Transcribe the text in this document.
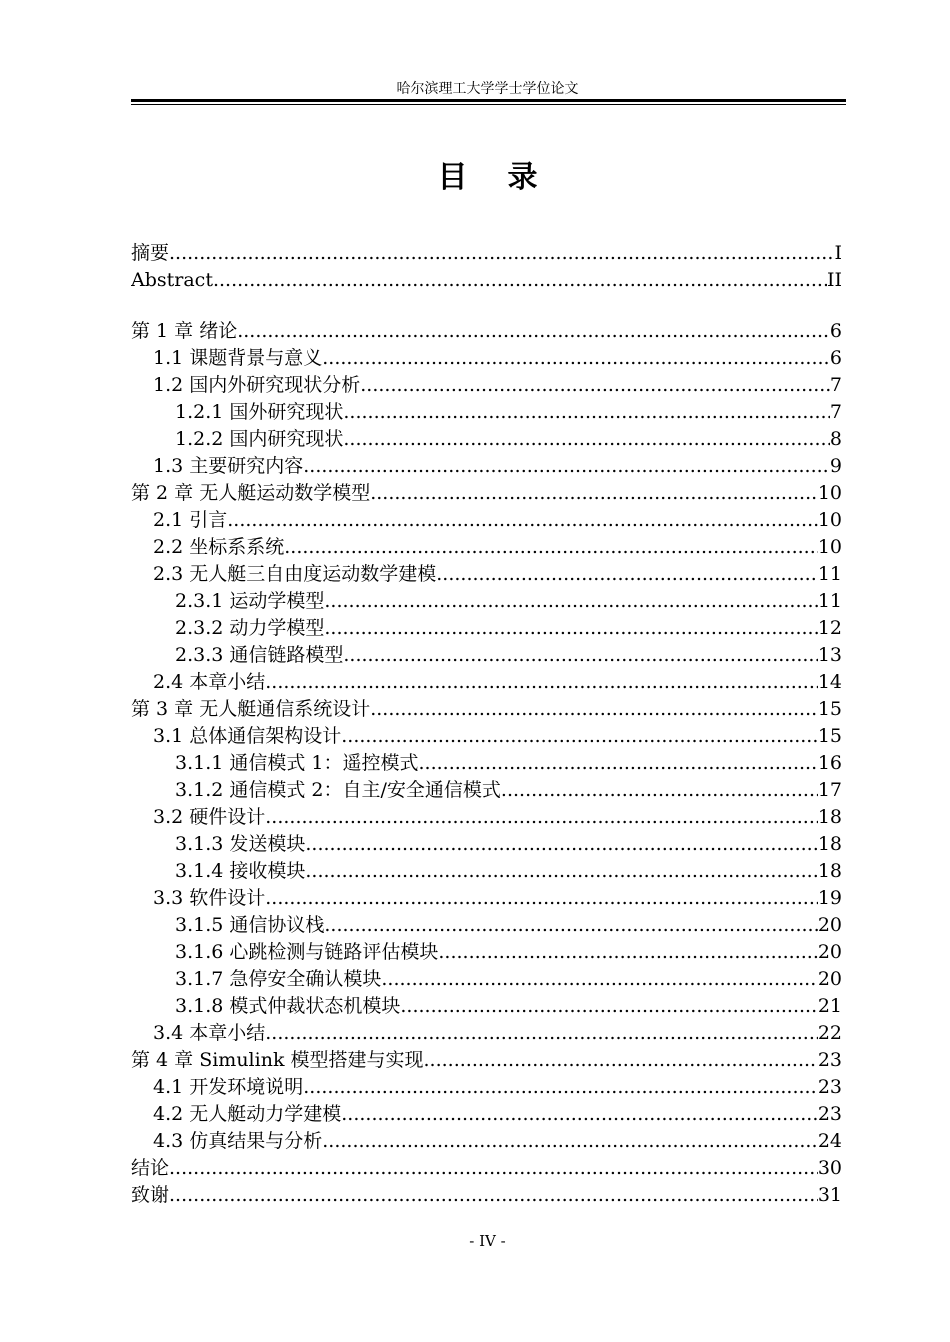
哈尔滨理工大学学士学位论文
目 录
摘要 .....	I
Abstract .....	II
第 1 章 绪论 .....	6
1.1 课题背景与意义 .....	6
1.2 国内外研究现状分析 .....	7
1.2.1 国外研究现状 .....	7
1.2.2 国内研究现状 .....	8
1.3 主要研究内容 .....	9
第 2 章 无人艇运动数学模型 .....	10
2.1 引言 .....	10
2.2 坐标系系统 .....	10
2.3 无人艇三自由度运动数学建模 .....	11
2.3.1 运动学模型 .....	11
2.3.2 动力学模型 .....	12
2.3.3 通信链路模型 .....	13
2.4 本章小结 .....	14
第 3 章 无人艇通信系统设计 .....	15
3.1 总体通信架构设计 .....	15
3.1.1 通信模式 1：遥控模式 .....	16
3.1.2 通信模式 2：自主/安全通信模式 .....	17
3.2 硬件设计 .....	18
3.1.3 发送模块 .....	18
3.1.4 接收模块 .....	18
3.3 软件设计 .....	19
3.1.5 通信协议栈 .....	20
3.1.6 心跳检测与链路评估模块 .....	20
3.1.7 急停安全确认模块 .....	20
3.1.8 模式仲裁状态机模块 .....	21
3.4 本章小结 .....	22
第 4 章 Simulink 模型搭建与实现 .....	23
4.1 开发环境说明 .....	23
4.2 无人艇动力学建模 .....	23
4.3 仿真结果与分析 .....	24
结论 .....	30
致谢 .....	31
- IV -
